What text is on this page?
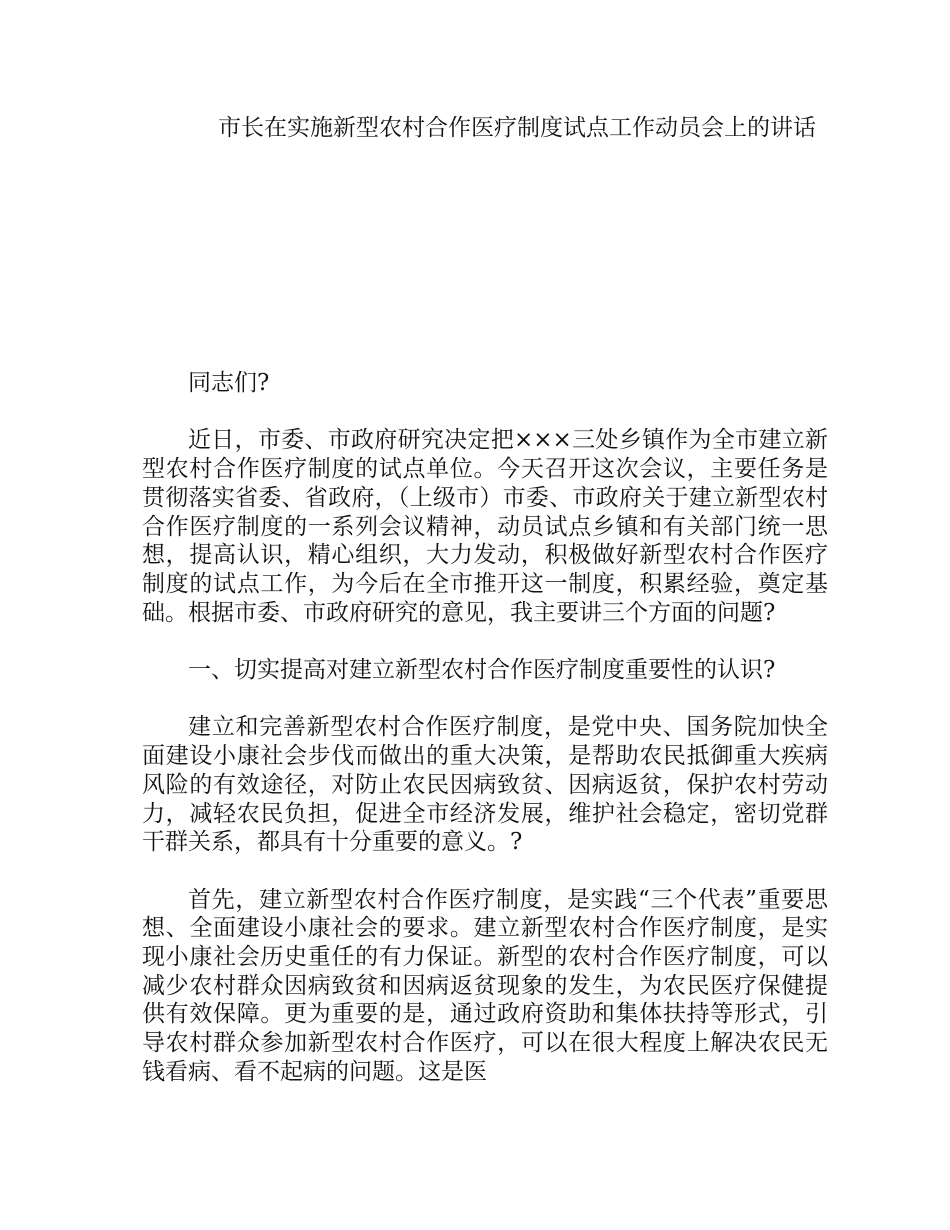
市长在实施新型农村合作医疗制度试点工作动员会上的讲话

同志们?

近日，市委、市政府研究决定把×××三处乡镇作为全市建立新型农村合作医疗制度的试点单位。今天召开这次会议，主要任务是贯彻落实省委、省政府，（上级市）市委、市政府关于建立新型农村合作医疗制度的一系列会议精神，动员试点乡镇和有关部门统一思想，提高认识，精心组织，大力发动，积极做好新型农村合作医疗制度的试点工作，为今后在全市推开这一制度，积累经验，奠定基础。根据市委、市政府研究的意见，我主要讲三个方面的问题?

一、切实提高对建立新型农村合作医疗制度重要性的认识?

建立和完善新型农村合作医疗制度，是党中央、国务院加快全面建设小康社会步伐而做出的重大决策，是帮助农民抵御重大疾病风险的有效途径，对防止农民因病致贫、因病返贫，保护农村劳动力，减轻农民负担，促进全市经济发展，维护社会稳定，密切党群干群关系，都具有十分重要的意义。?

首先，建立新型农村合作医疗制度，是实践“三个代表”重要思想、全面建设小康社会的要求。建立新型农村合作医疗制度，是实现小康社会历史重任的有力保证。新型的农村合作医疗制度，可以减少农村群众因病致贫和因病返贫现象的发生，为农民医疗保健提供有效保障。更为重要的是，通过政府资助和集体扶持等形式，引导农村群众参加新型农村合作医疗，可以在很大程度上解决农民无钱看病、看不起病的问题。这是医
